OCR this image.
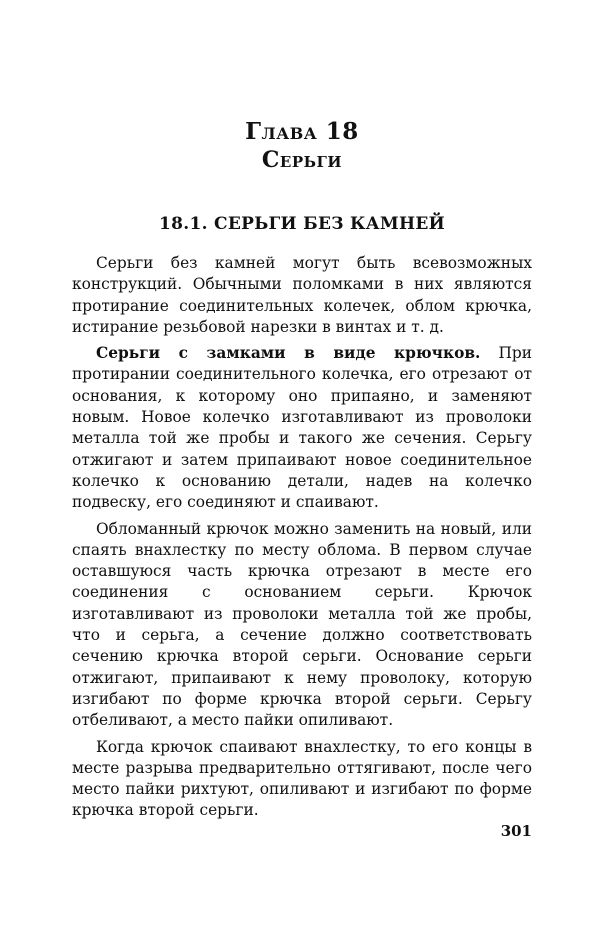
Глава 18
Серьги
18.1. СЕРЬГИ БЕЗ КАМНЕЙ

Серьги без камней могут быть всевозможных конструкций. Обычными поломками в них являются протирание соединительных колечек, облом крючка, истирание резьбовой нарезки в винтах и т. д.

Серьги с замками в виде крючков. При протирании соединительного колечка, его отрезают от основания, к которому оно припаяно, и заменяют новым. Новое колечко изготавливают из проволоки металла той же пробы и такого же сечения. Серьгу отжигают и затем припаивают новое соединительное колечко к основанию детали, надев на колечко подвеску, его соединяют и спаивают.

Обломанный крючок можно заменить на новый, или спаять внахлестку по месту облома. В первом случае оставшуюся часть крючка отрезают в месте его соединения с основанием серьги. Крючок изготавливают из проволоки металла той же пробы, что и серьга, а сечение должно соответствовать сечению крючка второй серьги. Основание серьги отжигают, припаивают к нему проволоку, которую изгибают по форме крючка второй серьги. Серьгу отбеливают, а место пайки опиливают.

Когда крючок спаивают внахлестку, то его концы в месте разрыва предварительно оттягивают, после чего место пайки рихтуют, опиливают и изгибают по форме крючка второй серьги.

301
